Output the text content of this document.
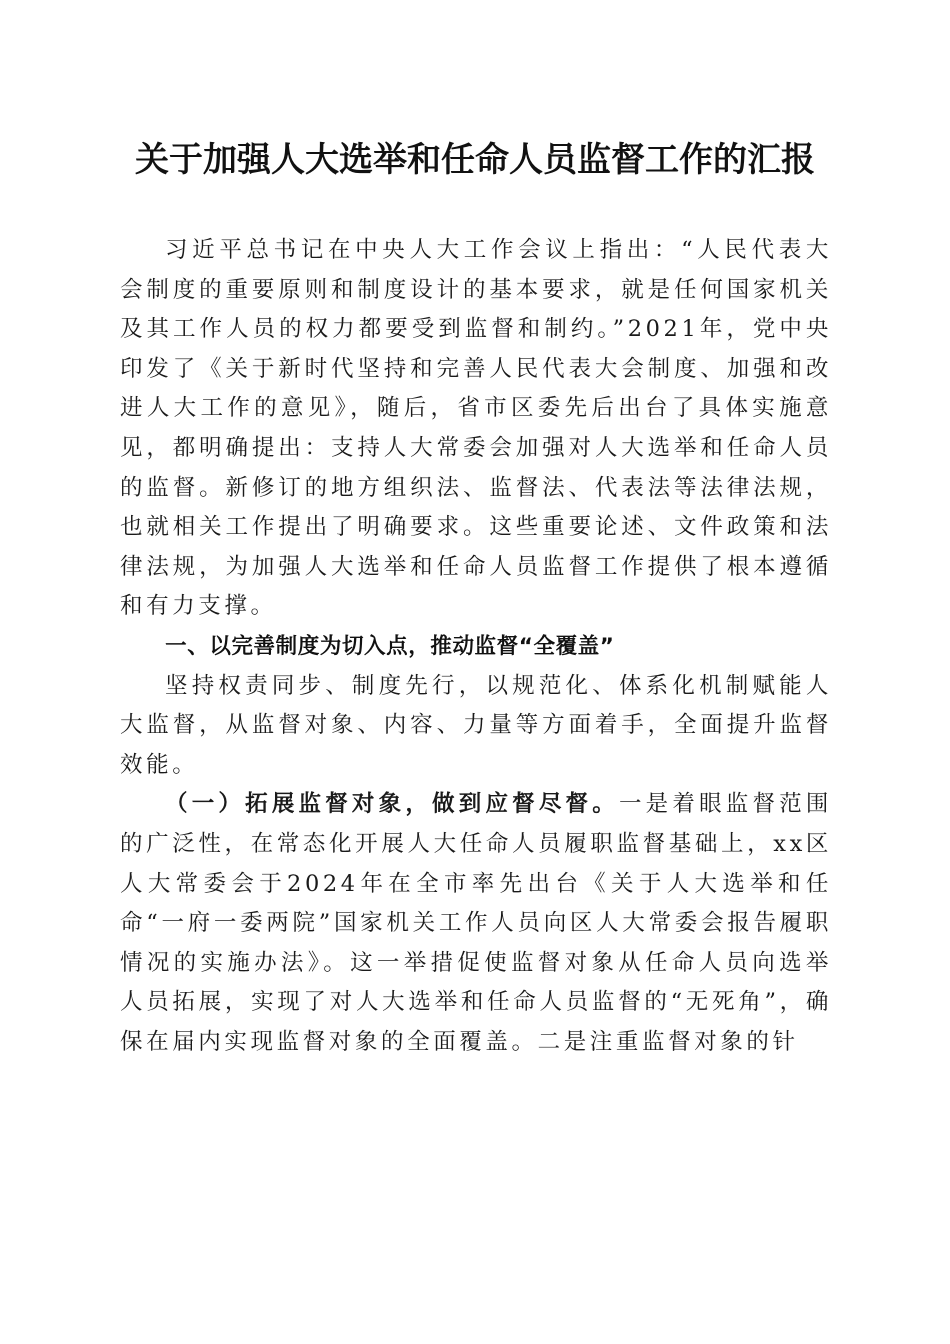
关于加强人大选举和任命人员监督工作的汇报

习近平总书记在中央人大工作会议上指出：“人民代表大会制度的重要原则和制度设计的基本要求，就是任何国家机关及其工作人员的权力都要受到监督和制约。”2021年，党中央印发了《关于新时代坚持和完善人民代表大会制度、加强和改进人大工作的意见》，随后，省市区委先后出台了具体实施意见，都明确提出：支持人大常委会加强对人大选举和任命人员的监督。新修订的地方组织法、监督法、代表法等法律法规，也就相关工作提出了明确要求。这些重要论述、文件政策和法律法规，为加强人大选举和任命人员监督工作提供了根本遵循和有力支撑。

一、以完善制度为切入点，推动监督“全覆盖”

坚持权责同步、制度先行，以规范化、体系化机制赋能人大监督，从监督对象、内容、力量等方面着手，全面提升监督效能。

（一）拓展监督对象，做到应督尽督。一是着眼监督范围的广泛性，在常态化开展人大任命人员履职监督基础上，xx区人大常委会于2024年在全市率先出台《关于人大选举和任命“一府一委两院”国家机关工作人员向区人大常委会报告履职情况的实施办法》。这一举措促使监督对象从任命人员向选举人员拓展，实现了对人大选举和任命人员监督的“无死角”，确保在届内实现监督对象的全面覆盖。二是注重监督对象的针
